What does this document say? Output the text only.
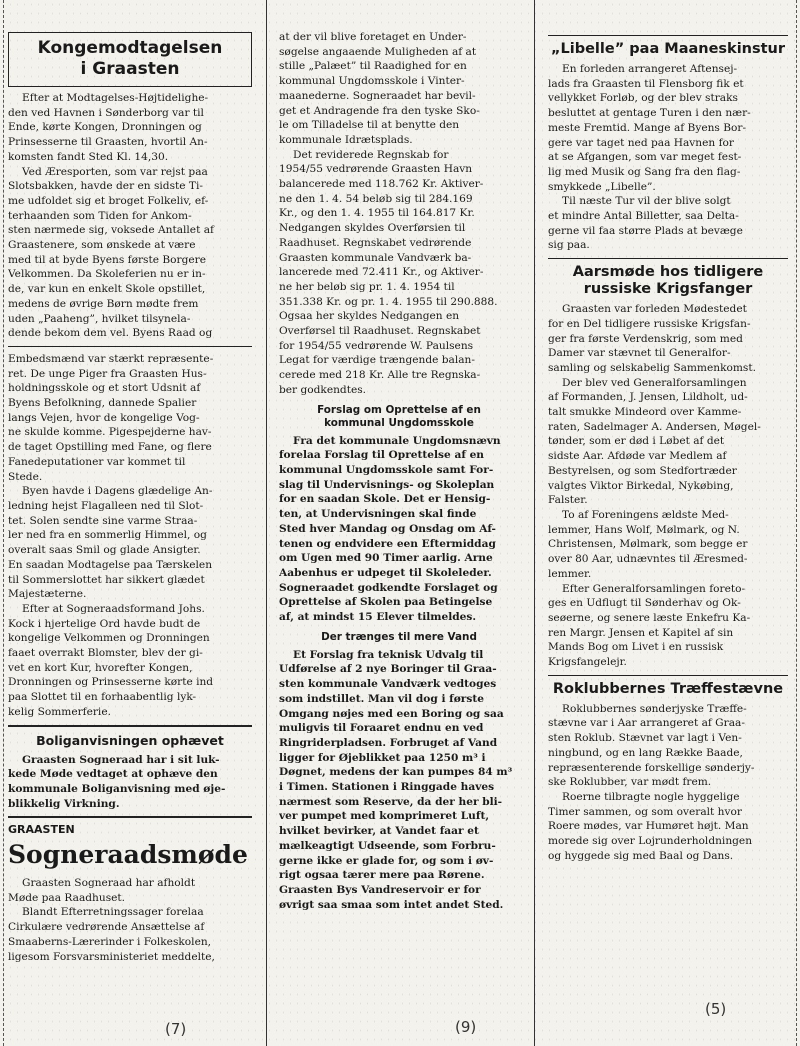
Kongemodtagelsen
i Graasten

Efter at Modtagelses-Højtidelighe-
den ved Havnen i Sønderborg var til
Ende, kørte Kongen, Dronningen og
Prinsesserne til Graasten, hvortil An-
komsten fandt Sted Kl. 14,30.

Ved Æresporten, som var rejst paa
Slotsbakken, havde der en sidste Ti-
me udfoldet sig et broget Folkeliv, ef-
terhaanden som Tiden for Ankom-
sten nærmede sig, voksede Antallet af
Graastenere, som ønskede at være
med til at byde Byens første Borgere
Velkommen. Da Skoleferien nu er in-
de, var kun en enkelt Skole opstillet,
medens de øvrige Børn mødte frem
uden „Paaheng”, hvilket tilsynela-
dende bekom dem vel. Byens Raad og

Embedsmænd var stærkt repræsente-
ret. De unge Piger fra Graasten Hus-
holdningsskole og et stort Udsnit af
Byens Befolkning, dannede Spalier
langs Vejen, hvor de kongelige Vog-
ne skulde komme. Pigespejderne hav-
de taget Opstilling med Fane, og flere
Fanedeputationer var kommet til
Stede.

Byen havde i Dagens glædelige An-
ledning hejst Flagalleen ned til Slot-
tet. Solen sendte sine varme Straa-
ler ned fra en sommerlig Himmel, og
overalt saas Smil og glade Ansigter.
En saadan Modtagelse paa Tærskelen
til Sommerslottet har sikkert glædet
Majestæterne.

Efter at Sogneraadsformand Johs.
Kock i hjertelige Ord havde budt de
kongelige Velkommen og Dronningen
faaet overrakt Blomster, blev der gi-
vet en kort Kur, hvorefter Kongen,
Dronningen og Prinsesserne kørte ind
paa Slottet til en forhaabentlig lyk-
kelig Sommerferie.

Boliganvisningen ophævet

Graasten Sogneraad har i sit luk-
kede Møde vedtaget at ophæve den
kommunale Boliganvisning med øje-
blikkelig Virkning.

GRAASTEN
Sogneraadsmøde

Graasten Sogneraad har afholdt
Møde paa Raadhuset.

Blandt Efterretningssager forelaa
Cirkulære vedrørende Ansættelse af
Smaaberns-Lærerinder i Folkeskolen,
ligesom Forsvarsministeriet meddelte,

at der vil blive foretaget en Under-
søgelse angaaende Muligheden af at
stille „Palæet” til Raadighed for en
kommunal Ungdomsskole i Vinter-
maanederne. Sogneraadet har bevil-
get et Andragende fra den tyske Sko-
le om Tilladelse til at benytte den
kommunale Idrætsplads.

Det reviderede Regnskab for
1954/55 vedrørende Graasten Havn
balancerede med 118.762 Kr. Aktiver-
ne den 1. 4. 54 beløb sig til 284.169
Kr., og den 1. 4. 1955 til 164.817 Kr.
Nedgangen skyldes Overførsien til
Raadhuset. Regnskabet vedrørende
Graasten kommunale Vandværk ba-
lancerede med 72.411 Kr., og Aktiver-
ne her beløb sig pr. 1. 4. 1954 til
351.338 Kr. og pr. 1. 4. 1955 til 290.888.
Ogsaa her skyldes Nedgangen en
Overførsel til Raadhuset. Regnskabet
for 1954/55 vedrørende W. Paulsens
Legat for værdige trængende balan-
cerede med 218 Kr. Alle tre Regnska-
ber godkendtes.

Forslag om Oprettelse af en
kommunal Ungdomsskole

Fra det kommunale Ungdomsnævn
forelaa Forslag til Oprettelse af en
kommunal Ungdomsskole samt For-
slag til Undervisnings- og Skoleplan
for en saadan Skole. Det er Hensig-
ten, at Undervisningen skal finde
Sted hver Mandag og Onsdag om Af-
tenen og endvidere een Eftermiddag
om Ugen med 90 Timer aarlig. Arne
Aabenhus er udpeget til Skoleleder.
Sogneraadet godkendte Forslaget og
Oprettelse af Skolen paa Betingelse
af, at mindst 15 Elever tilmeldes.

Der trænges til mere Vand

Et Forslag fra teknisk Udvalg til
Udførelse af 2 nye Boringer til Graa-
sten kommunale Vandværk vedtoges
som indstillet. Man vil dog i første
Omgang nøjes med een Boring og saa
muligvis til Foraaret endnu en ved
Ringriderpladsen. Forbruget af Vand
ligger for Øjeblikket paa 1250 m³ i
Døgnet, medens der kan pumpes 84 m³
i Timen. Stationen i Ringgade haves
nærmest som Reserve, da der her bli-
ver pumpet med komprimeret Luft,
hvilket bevirker, at Vandet faar et
mælkeagtigt Udseende, som Forbru-
gerne ikke er glade for, og som i øv-
rigt ogsaa tærer mere paa Rørene.
Graasten Bys Vandreservoir er for
øvrigt saa smaa som intet andet Sted.

„Libelle” paa Maaneskinstur

En forleden arrangeret Aftensej-
lads fra Graasten til Flensborg fik et
vellykket Forløb, og der blev straks
besluttet at gentage Turen i den nær-
meste Fremtid. Mange af Byens Bor-
gere var taget ned paa Havnen for
at se Afgangen, som var meget fest-
lig med Musik og Sang fra den flag-
smykkede „Libelle”.

Til næste Tur vil der blive solgt
et mindre Antal Billetter, saa Delta-
gerne vil faa større Plads at bevæge
sig paa.

Aarsmøde hos tidligere
russiske Krigsfanger

Graasten var forleden Mødestedet
for en Del tidligere russiske Krigsfan-
ger fra første Verdenskrig, som med
Damer var stævnet til Generalfor-
samling og selskabelig Sammenkomst.

Der blev ved Generalforsamlingen
af Formanden, J. Jensen, Lildholt, ud-
talt smukke Mindeord over Kamme-
raten, Sadelmager A. Andersen, Møgel-
tønder, som er død i Løbet af det
sidste Aar. Afdøde var Medlem af
Bestyrelsen, og som Stedfortræder
valgtes Viktor Birkedal, Nykøbing,
Falster.

To af Foreningens ældste Med-
lemmer, Hans Wolf, Mølmark, og N.
Christensen, Mølmark, som begge er
over 80 Aar, udnævntes til Æresmed-
lemmer.

Efter Generalforsamlingen foreto-
ges en Udflugt til Sønderhav og Ok-
seøerne, og senere læste Enkefru Ka-
ren Margr. Jensen et Kapitel af sin
Mands Bog om Livet i en russisk
Krigsfangelejr.

Roklubbernes Træffestævne

Roklubbernes sønderjyske Træffe-
stævne var i Aar arrangeret af Graa-
sten Roklub. Stævnet var lagt i Ven-
ningbund, og en lang Række Baade,
repræsenterende forskellige sønderjy-
ske Roklubber, var mødt frem.

Roerne tilbragte nogle hyggelige
Timer sammen, og som overalt hvor
Roere mødes, var Humøret højt. Man
morede sig over Lojrunderholdningen
og hyggede sig med Baal og Dans.

(7)	(9)
(5)
